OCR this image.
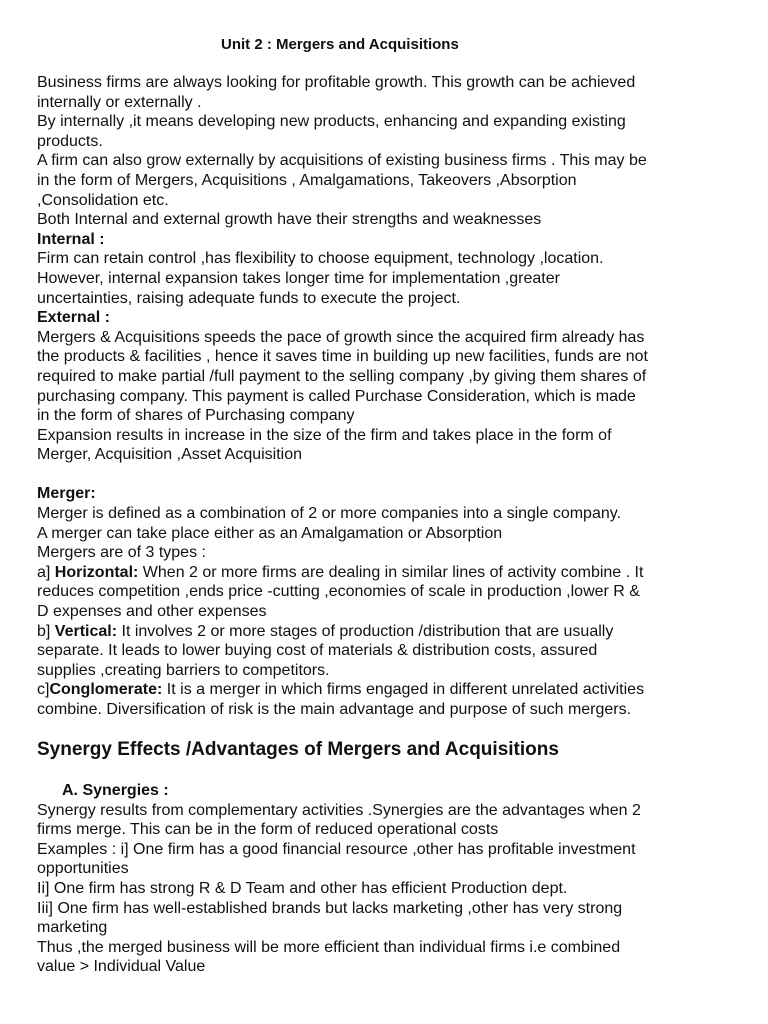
Unit 2 : Mergers and Acquisitions
Business firms are always looking for profitable growth. This growth can be achieved
internally or externally .
By internally ,it means developing new products, enhancing and expanding existing
products.
A firm can also grow externally by acquisitions of existing business firms . This may be
in the form of Mergers, Acquisitions , Amalgamations, Takeovers ,Absorption
,Consolidation etc.
Both Internal and external growth have their strengths and weaknesses
Internal :
Firm can retain control ,has flexibility to choose equipment, technology ,location.
However, internal expansion takes longer time for implementation ,greater
uncertainties, raising adequate funds to execute the project.
External :
Mergers & Acquisitions speeds the pace of growth since the acquired firm already has
the products & facilities , hence it saves time in building up new facilities, funds are not
required to make partial /full payment to the selling company ,by giving them shares of
purchasing company. This payment is called Purchase Consideration, which is made
in the form of shares of Purchasing company
Expansion results in increase in the size of the firm and takes place in the form of
Merger, Acquisition ,Asset Acquisition
Merger:
Merger is defined as a combination of 2 or more companies into a single company.
A merger can take place either as an Amalgamation or Absorption
Mergers are of 3 types :
a] Horizontal: When 2 or more firms are dealing in similar lines of activity combine . It
reduces competition ,ends price -cutting ,economies of scale in production ,lower R &
D expenses and other expenses
b] Vertical: It involves 2 or more stages of production /distribution that are usually
separate. It leads to lower buying cost of materials & distribution costs, assured
supplies ,creating barriers to competitors.
c]Conglomerate: It is a merger in which firms engaged in different unrelated activities
combine. Diversification of risk is the main advantage and purpose of such mergers.
Synergy Effects /Advantages of Mergers and Acquisitions
A. Synergies :
Synergy results from complementary activities .Synergies are the advantages when 2
firms merge. This can be in the form of reduced operational costs
Examples : i] One firm has a good financial resource ,other has profitable investment
opportunities
Ii] One firm has strong R & D Team and other has efficient Production dept.
Iii] One firm has well-established brands but lacks marketing ,other has very strong
marketing
Thus ,the merged business will be more efficient than individual firms i.e combined
value > Individual Value
